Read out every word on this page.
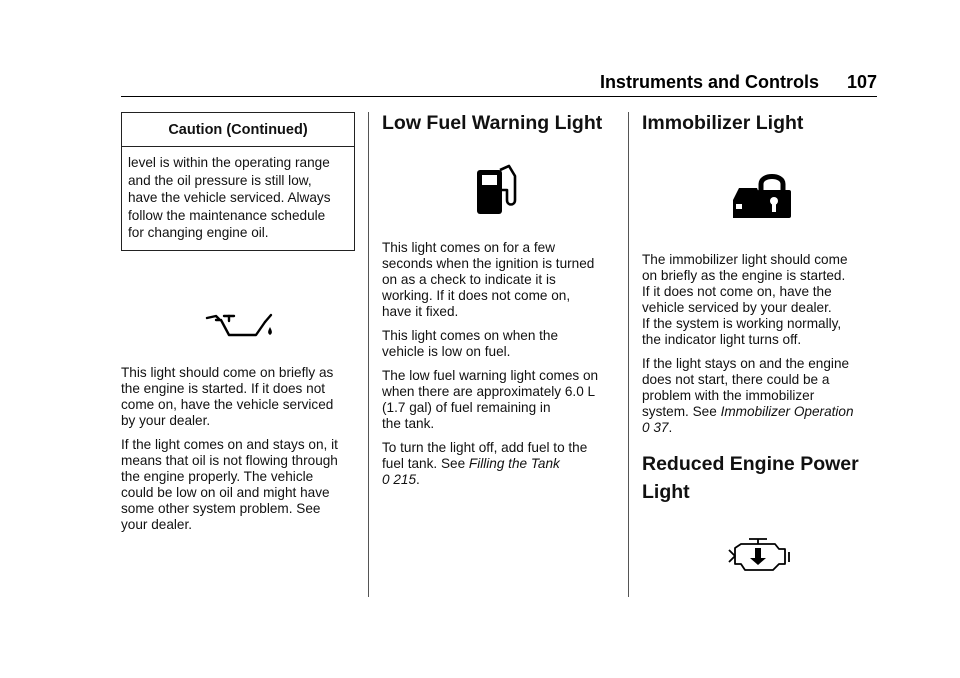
Instruments and Controls 107
Caution (Continued)
level is within the operating range
and the oil pressure is still low,
have the vehicle serviced. Always
follow the maintenance schedule
for changing engine oil.

This light should come on briefly as
the engine is started. If it does not
come on, have the vehicle serviced
by your dealer.

If the light comes on and stays on, it
means that oil is not flowing through
the engine properly. The vehicle
could be low on oil and might have
some other system problem. See
your dealer.

Low Fuel Warning Light

This light comes on for a few
seconds when the ignition is turned
on as a check to indicate it is
working. If it does not come on,
have it fixed.

This light comes on when the
vehicle is low on fuel.

The low fuel warning light comes on
when there are approximately 6.0 L
(1.7 gal) of fuel remaining in
the tank.

To turn the light off, add fuel to the
fuel tank. See Filling the Tank
0 215.

Immobilizer Light

The immobilizer light should come
on briefly as the engine is started.
If it does not come on, have the
vehicle serviced by your dealer.
If the system is working normally,
the indicator light turns off.

If the light stays on and the engine
does not start, there could be a
problem with the immobilizer
system. See Immobilizer Operation
0 37.

Reduced Engine Power
Light
